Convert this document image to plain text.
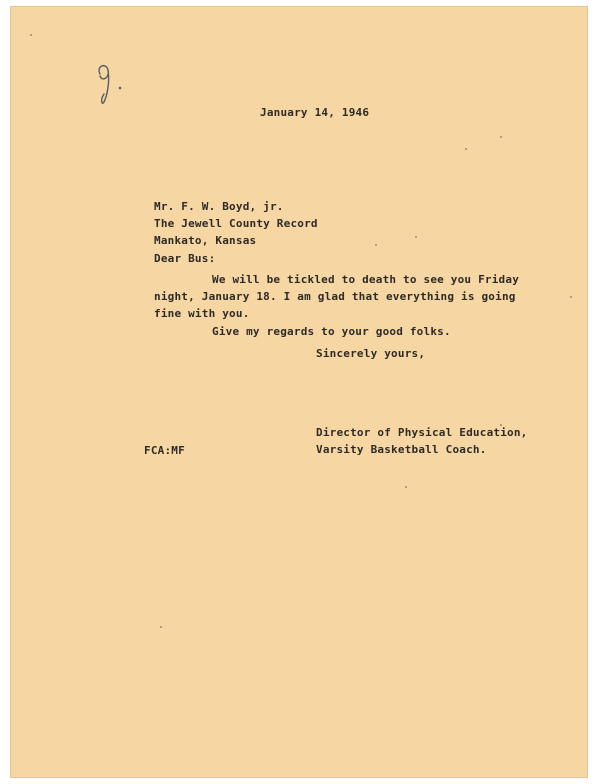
January 14, 1946
Mr. F. W. Boyd, jr.
The Jewell County Record
Mankato, Kansas
Dear Bus:
We will be tickled to death to see you Friday
night, January 18. I am glad that everything is going
fine with you.
Give my regards to your good folks.
Sincerely yours,
Director of Physical Education,
Varsity Basketball Coach.
FCA:MF
